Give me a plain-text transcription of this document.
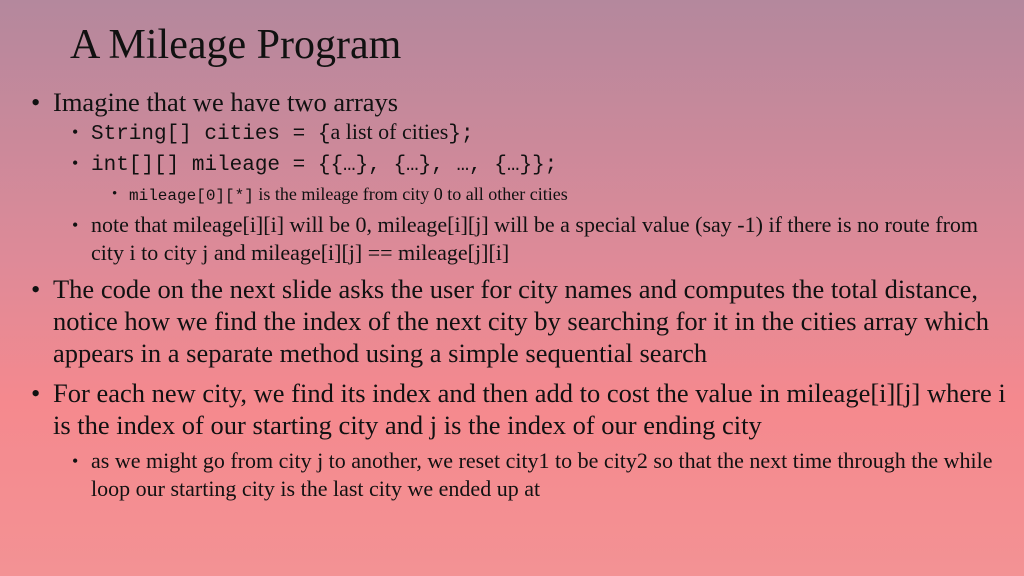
A Mileage Program
• Imagine that we have two arrays
• String[] cities = {a list of cities};
• int[][] mileage = {{…}, {…}, …, {…}};
• mileage[0][*] is the mileage from city 0 to all other cities
• note that mileage[i][i] will be 0, mileage[i][j] will be a special value (say -1) if there is no route from city i to city j and mileage[i][j] == mileage[j][i]
• The code on the next slide asks the user for city names and computes the total distance, notice how we find the index of the next city by searching for it in the cities array which appears in a separate method using a simple sequential search
• For each new city, we find its index and then add to cost the value in mileage[i][j] where i is the index of our starting city and j is the index of our ending city
• as we might go from city j to another, we reset city1 to be city2 so that the next time through the while loop our starting city is the last city we ended up at
